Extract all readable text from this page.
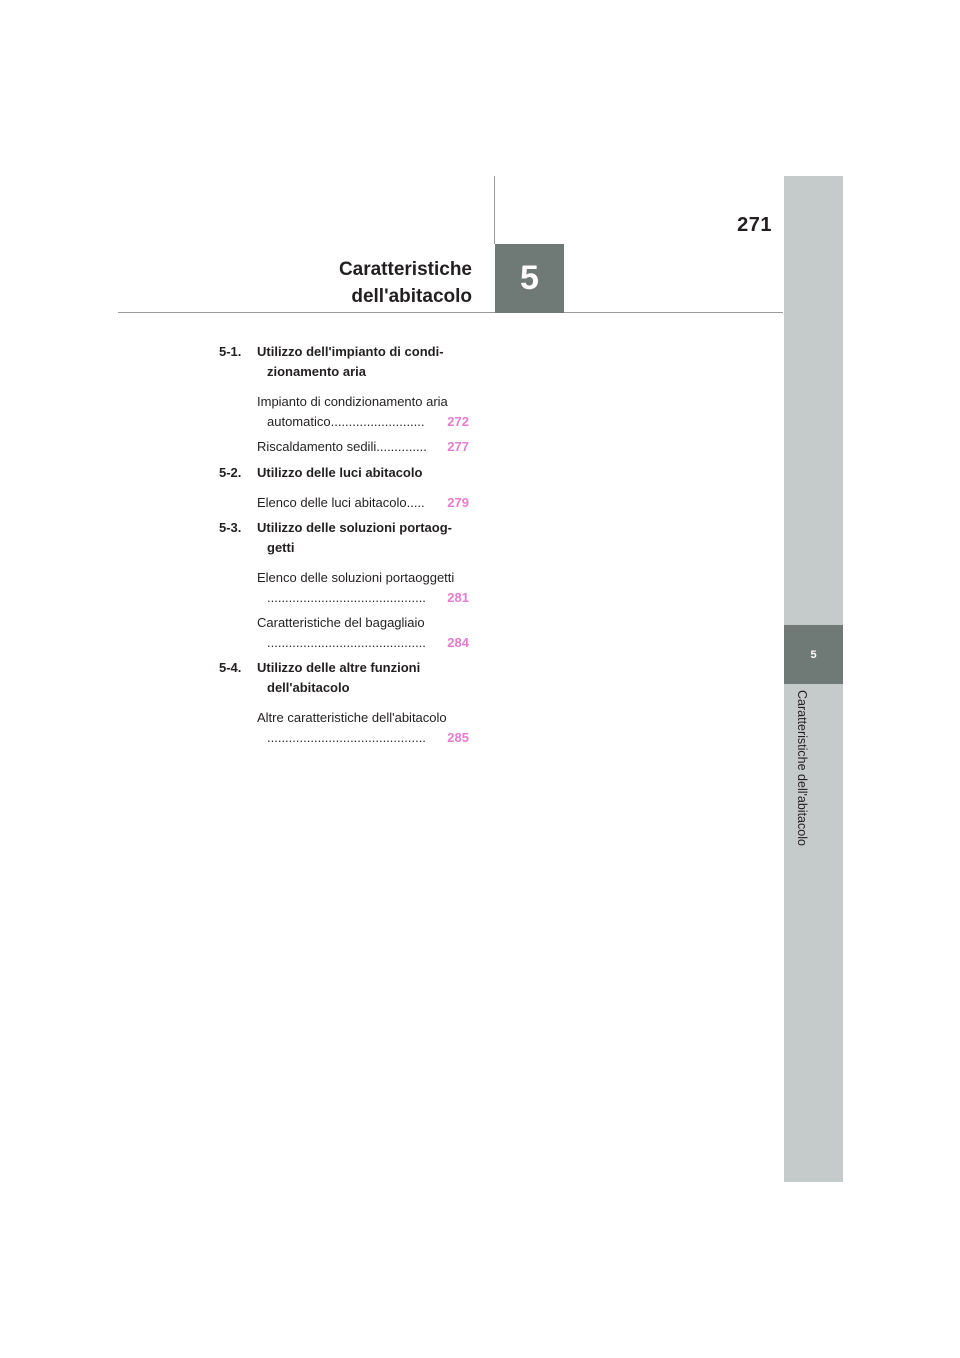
271
Caratteristiche
dell'abitacolo 5
5
Caratteristiche dell'abitacolo
5-1. Utilizzo dell'impianto di condi-
zionamento aria
Impianto di condizionamento aria
automatico ..........................	272
Riscaldamento sedili ..............	277
5-2. Utilizzo delle luci abitacolo
Elenco delle luci abitacolo .....	279
5-3. Utilizzo delle soluzioni portaog-
getti
Elenco delle soluzioni portaoggetti
............................................	281
Caratteristiche del bagagliaio
............................................	284
5-4. Utilizzo delle altre funzioni
dell'abitacolo
Altre caratteristiche dell'abitacolo
............................................	285
